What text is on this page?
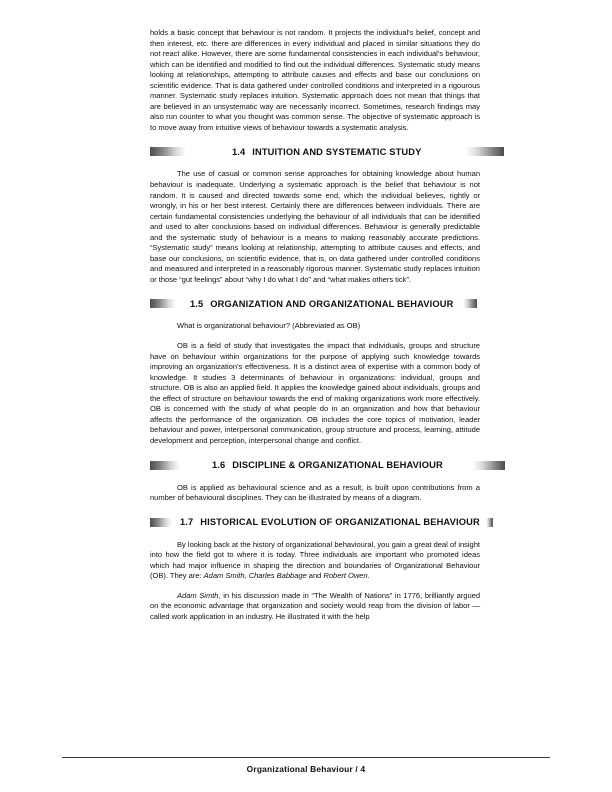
holds a basic concept that behaviour is not random. It projects the individual's belief, concept and then interest, etc. there are differences in every individual and placed in similar situations they do not react alike. However, there are some fundamental consistencies in each individual's behaviour, which can be identified and modified to find out the individual differences. Systematic study means looking at relationships, attempting to attribute causes and effects and base our conclusions on scientific evidence. That is data gathered under controlled conditions and interpreted in a rigourous manner. Systematic study replaces intuition. Systematic approach does not mean that things that are believed in an unsystematic way are necessarily incorrect. Sometimes, research findings may also run counter to what you thought was common sense. The objective of systematic approach is to move away from intuitive views of behaviour towards a systematic analysis.

1.4 INTUITION AND SYSTEMATIC STUDY

The use of casual or common sense approaches for obtaining knowledge about human behaviour is inadequate. Underlying a systematic approach is the belief that behaviour is not random. It is caused and directed towards some end, which the individual believes, rightly or wrongly, in his or her best interest. Certainly there are differences between individuals. There are certain fundamental consistencies underlying the behaviour of all individuals that can be identified and used to alter conclusions based on individual differences. Behaviour is generally predictable and the systematic study of behaviour is a means to making reasonably accurate predictions. “Systematic study” means looking at relationship, attempting to attribute causes and effects, and base our conclusions, on scientific evidence, that is, on data gathered under controlled conditions and measured and interpreted in a reasonably rigorous manner. Systematic study replaces intuition or those “gut feelings” about “why I do what I do” and “what makes others tick”.

1.5 ORGANIZATION AND ORGANIZATIONAL BEHAVIOUR

What is organizational behaviour? (Abbreviated as OB)

OB is a field of study that investigates the impact that individuals, groups and structure have on behaviour within organizations for the purpose of applying such knowledge towards improving an organization’s effectiveness. It is a distinct area of expertise with a common body of knowledge. It studies 3 determinants of behaviour in organizations: individual, groups and structure. OB is also an applied field. It applies the knowledge gained about individuals, groups and the effect of structure on behaviour towards the end of making organizations work more effectively. OB is concerned with the study of what people do in an organization and how that behaviour affects the performance of the organization. OB includes the core topics of motivation, leader behaviour and power, interpersonal communication, group structure and process, learning, attitude development and perception, interpersonal change and conflict.

1.6 DISCIPLINE & ORGANIZATIONAL BEHAVIOUR

OB is applied as behavioural science and as a result, is built upon contributions from a number of behavioural disciplines. They can be illustrated by means of a diagram.

1.7 HISTORICAL EVOLUTION OF ORGANIZATIONAL BEHAVIOUR

By looking back at the history of organizational behavioural, you gain a great deal of insight into how the field got to where it is today. Three individuals are important who promoted ideas which had major influence in shaping the direction and boundaries of Organizational Behaviour (OB). They are: Adam Smith, Charles Babbage and Robert Owen.

Adam Simth, in his discussion made in “The Wealth of Nations” in 1776, brilliantly argued on the economic advantage that organization and society would reap from the division of labor — called work application in an industry. He illustrated it with the help

Organizational Behaviour / 4
